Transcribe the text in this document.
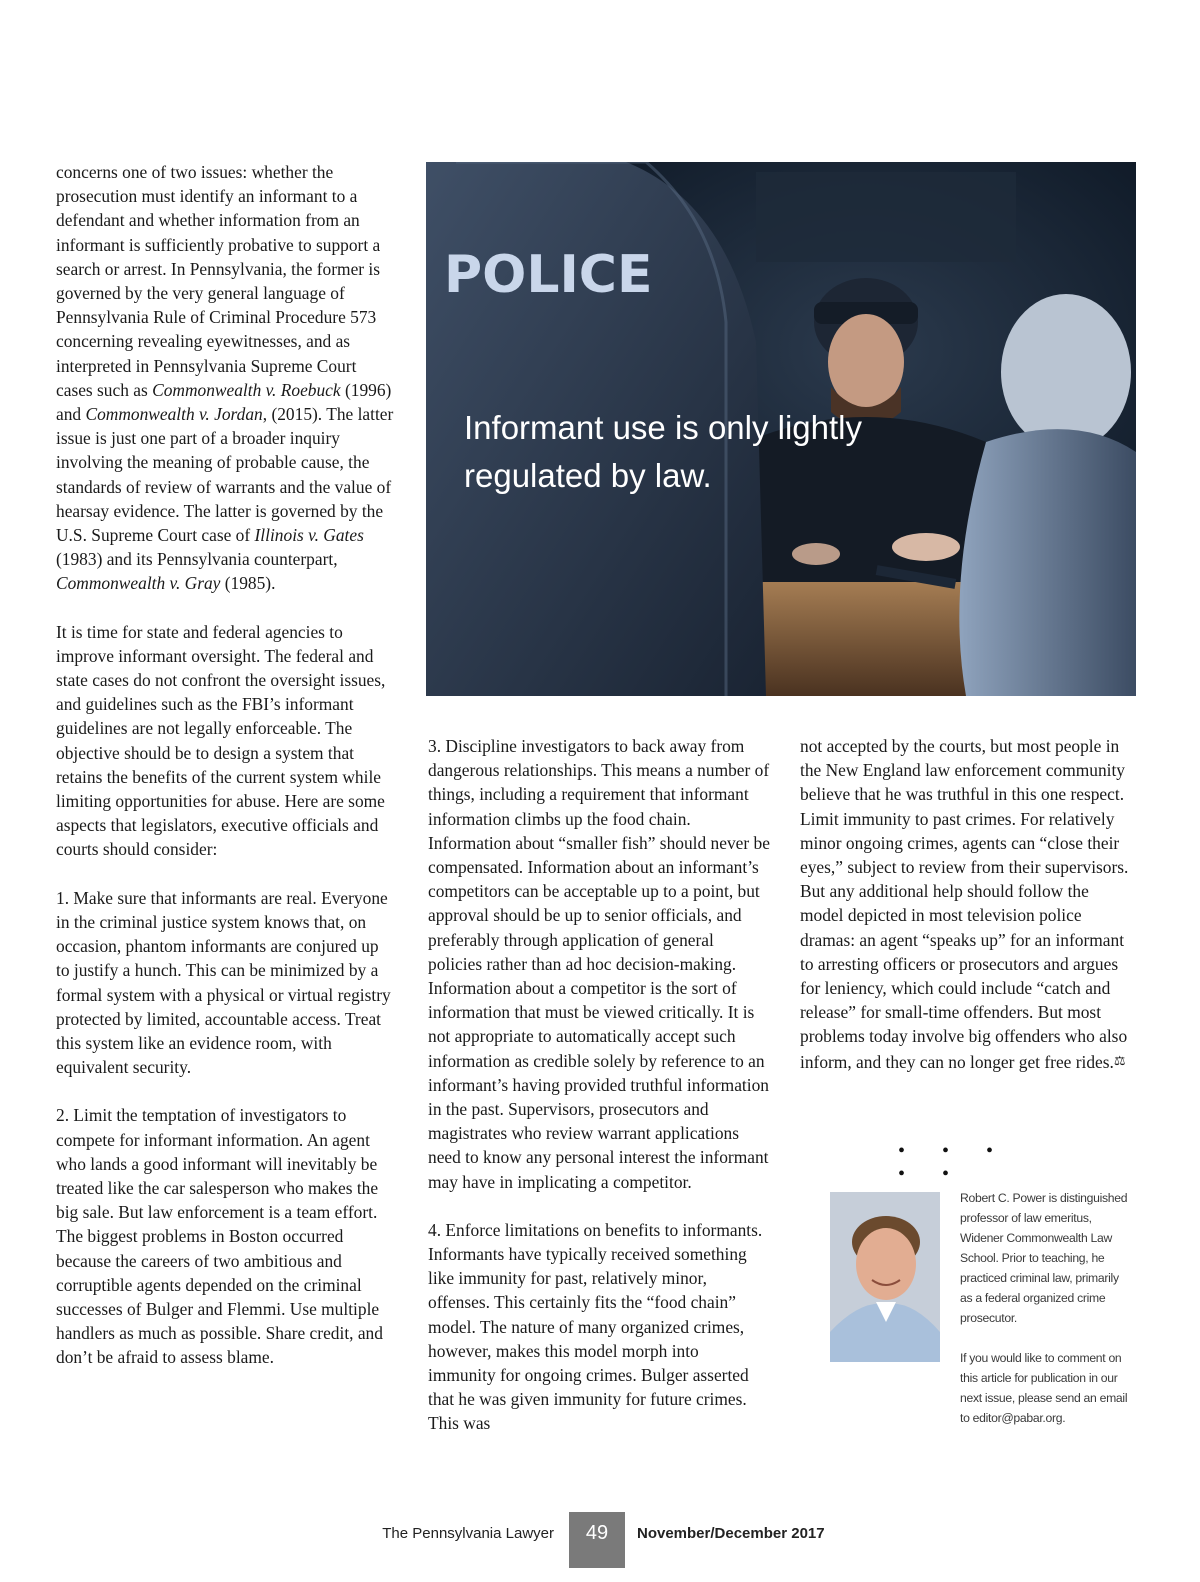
concerns one of two issues: whether the prosecution must identify an informant to a defendant and whether information from an informant is sufficiently probative to support a search or arrest. In Pennsylvania, the former is governed by the very general language of Pennsylvania Rule of Criminal Procedure 573 concerning revealing eyewitnesses, and as interpreted in Pennsylvania Supreme Court cases such as Commonwealth v. Roebuck (1996) and Commonwealth v. Jordan, (2015). The latter issue is just one part of a broader inquiry involving the meaning of probable cause, the standards of review of warrants and the value of hearsay evidence. The latter is governed by the U.S. Supreme Court case of Illinois v. Gates (1983) and its Pennsylvania counterpart, Commonwealth v. Gray (1985).

It is time for state and federal agencies to improve informant oversight. The federal and state cases do not confront the oversight issues, and guidelines such as the FBI’s informant guidelines are not legally enforceable. The objective should be to design a system that retains the benefits of the current system while limiting opportunities for abuse. Here are some aspects that legislators, executive officials and courts should consider:

1. Make sure that informants are real. Everyone in the criminal justice system knows that, on occasion, phantom informants are conjured up to justify a hunch. This can be minimized by a formal system with a physical or virtual registry protected by limited, accountable access. Treat this system like an evidence room, with equivalent security.

2. Limit the temptation of investigators to compete for informant information. An agent who lands a good informant will inevitably be treated like the car salesperson who makes the big sale. But law enforcement is a team effort. The biggest problems in Boston occurred because the careers of two ambitious and corruptible agents depended on the criminal successes of Bulger and Flemmi. Use multiple handlers as much as possible. Share credit, and don’t be afraid to assess blame.

POLICE
Informant use is only lightly regulated by law.

3. Discipline investigators to back away from dangerous relationships. This means a number of things, including a requirement that informant information climbs up the food chain. Information about “smaller fish” should never be compensated. Information about an informant’s competitors can be acceptable up to a point, but approval should be up to senior officials, and preferably through application of general policies rather than ad hoc decision-making. Information about a competitor is the sort of information that must be viewed critically. It is not appropriate to automatically accept such information as credible solely by reference to an informant’s having provided truthful information in the past. Supervisors, prosecutors and magistrates who review warrant applications need to know any personal interest the informant may have in implicating a competitor.

4. Enforce limitations on benefits to informants. Informants have typically received something like immunity for past, relatively minor, offenses. This certainly fits the “food chain” model. The nature of many organized crimes, however, makes this model morph into immunity for ongoing crimes. Bulger asserted that he was given immunity for future crimes. This was

not accepted by the courts, but most people in the New England law enforcement community believe that he was truthful in this one respect. Limit immunity to past crimes. For relatively minor ongoing crimes, agents can “close their eyes,” subject to review from their supervisors. But any additional help should follow the model depicted in most television police dramas: an agent “speaks up” for an informant to arresting officers or prosecutors and argues for leniency, which could include “catch and release” for small-time offenders. But most problems today involve big offenders who also inform, and they can no longer get free rides.⚖

• • • • •

Robert C. Power is distinguished professor of law emeritus, Widener Commonwealth Law School. Prior to teaching, he practiced criminal law, primarily as a federal organized crime prosecutor.

If you would like to comment on this article for publication in our next issue, please send an email to editor@pabar.org.

The Pennsylvania Lawyer	49	November/December 2017
